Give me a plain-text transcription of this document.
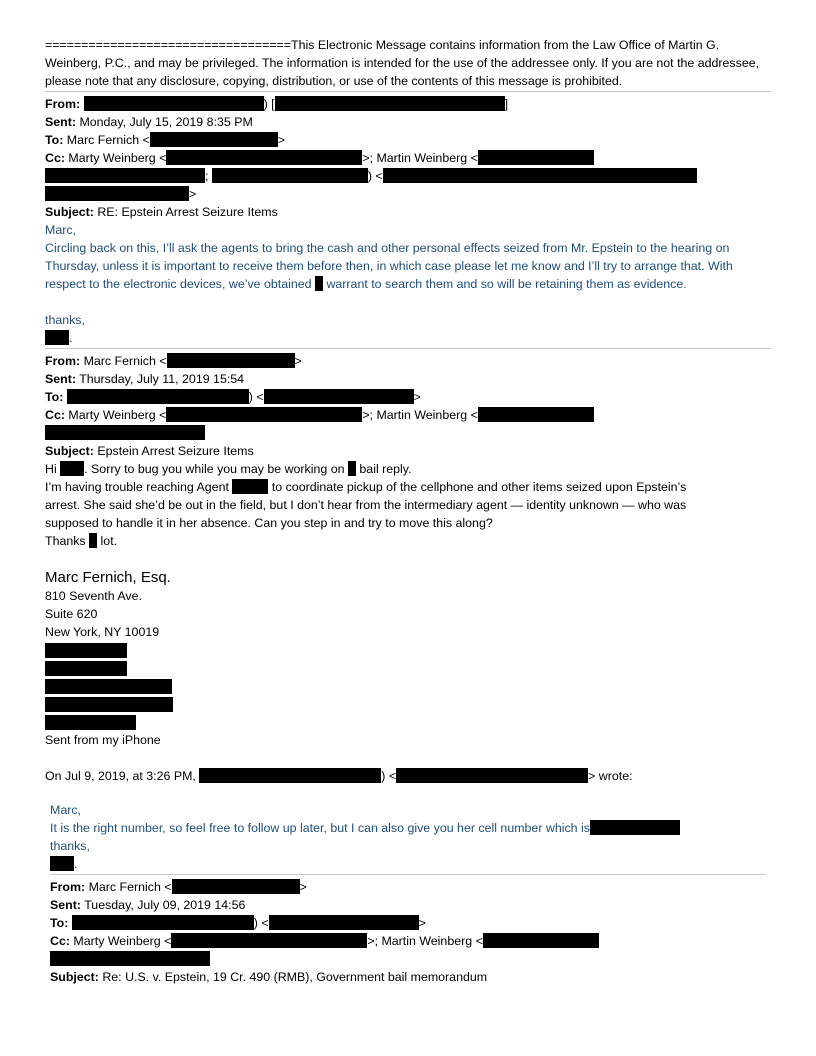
==================================This Electronic Message contains information from the Law Office of Martin G. Weinberg, P.C., and may be privileged. The information is intended for the use of the addressee only. If you are not the addressee, please note that any disclosure, copying, distribution, or use of the contents of this message is prohibited.
From:	) [	]
Sent: Monday, July 15, 2019 8:35 PM
To: Marc Fernich <	>
Cc: Marty Weinberg <	>; Martin Weinberg <
;	) <
>
Subject: RE: Epstein Arrest Seizure Items
Marc,
Circling back on this, I’ll ask the agents to bring the cash and other personal effects seized from Mr. Epstein to the hearing on Thursday, unless it is important to receive them before then, in which case please let me know and I’ll try to arrange that. With respect to the electronic devices, we’ve obtained warrant to search them and so will be retaining them as evidence.
thanks,
.
From: Marc Fernich <	>
Sent: Thursday, July 11, 2019 15:54
To:	) <	>
Cc: Marty Weinberg <	>; Martin Weinberg <
Subject: Epstein Arrest Seizure Items
Hi . Sorry to bug you while you may be working on bail reply.
I’m having trouble reaching Agent	to coordinate pickup of the cellphone and other items seized upon Epstein’s
arrest. She said she’d be out in the field, but I don’t hear from the intermediary agent — identity unknown — who was
supposed to handle it in her absence. Can you step in and try to move this along?
Thanks lot.
Marc Fernich, Esq.
810 Seventh Ave.
Suite 620
New York, NY 10019
Sent from my iPhone
On Jul 9, 2019, at 3:26 PM,	) <	> wrote:
Marc,
It is the right number, so feel free to follow up later, but I can also give you her cell number which is
thanks,
.
From: Marc Fernich <	>
Sent: Tuesday, July 09, 2019 14:56
To:	) <	>
Cc: Marty Weinberg <	>; Martin Weinberg <
Subject: Re: U.S. v. Epstein, 19 Cr. 490 (RMB), Government bail memorandum
